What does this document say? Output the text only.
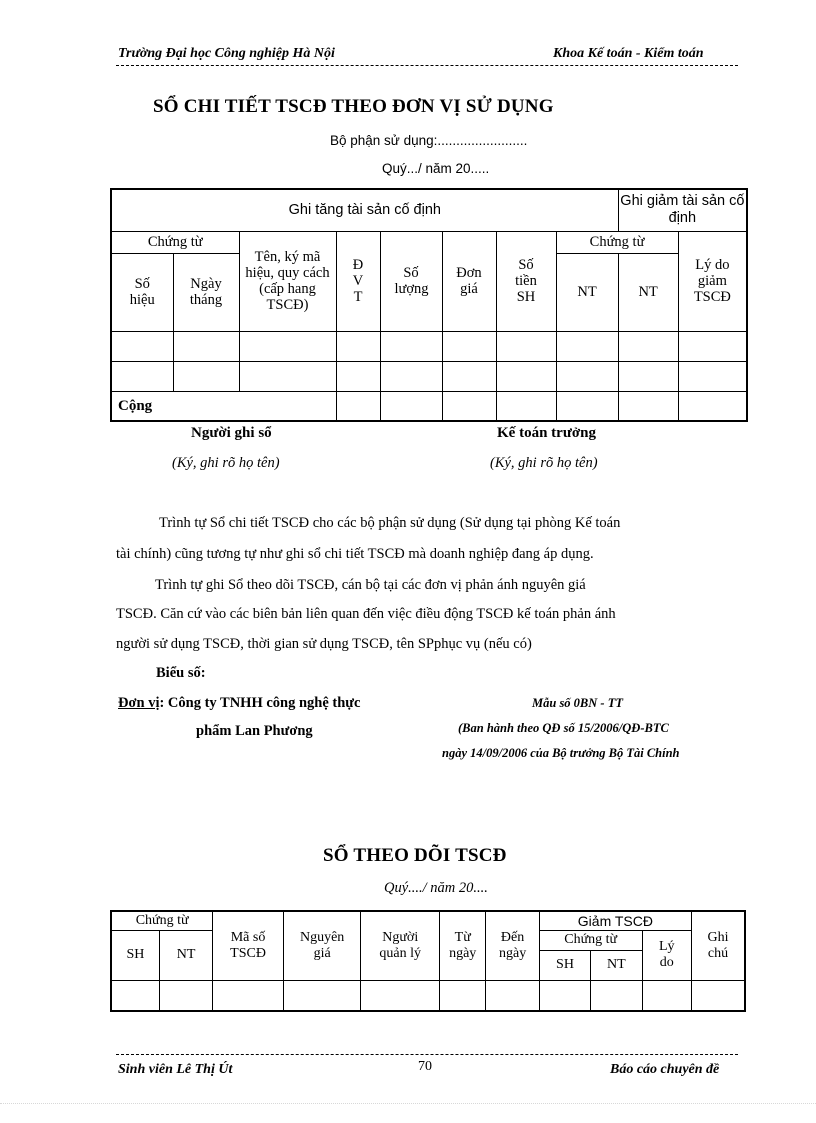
Trường Đại học Công nghiệp Hà Nội	Khoa Kế toán - Kiểm toán
SỔ CHI TIẾT TSCĐ THEO ĐƠN VỊ SỬ DỤNG
Bộ phận sử dụng:........................
Quý.../ năm 20.....
Ghi tăng tài sản cố định								Ghi giảm tài sản cố định	
Chứng từ		Tên, ký mã hiệu, quy cách (cấp hang TSCĐ)	Đ V T	Số lượng	Đơn giá	Số tiền SH	Chứng từ		Lý do giảm TSCĐ
Số hiệu	Ngày tháng						NT	NT	

Cộng									
Người ghi sổ
(Ký, ghi rõ họ tên)
Kế toán trưởng
(Ký, ghi rõ họ tên)
Trình tự Sổ chi tiết TSCĐ cho các bộ phận sử dụng (Sử dụng tại phòng Kế toán
tài chính) cũng tương tự như ghi sổ chi tiết TSCĐ mà doanh nghiệp đang áp dụng.
Trình tự ghi Sổ theo dõi TSCĐ, cán bộ tại các đơn vị phản ánh nguyên giá
TSCĐ. Căn cứ vào các biên bản liên quan đến việc điều động TSCĐ kế toán phản ánh
người sử dụng TSCĐ, thời gian sử dụng TSCĐ, tên SPphục vụ (nếu có)
Biểu số:
Đơn vị: Công ty TNHH công nghệ thực
phẩm Lan Phương
Mẫu số 0BN - TT
(Ban hành theo QĐ số 15/2006/QĐ-BTC
ngày 14/09/2006 của Bộ trưởng Bộ Tài Chính
SỔ THEO DÕI TSCĐ
Quý..../ năm 20....
Chứng từ		Mã số TSCĐ	Nguyên giá	Người quản lý	Từ ngày	Đến ngày	Giảm TSCĐ			Ghi chú
SH	NT						Chứng từ		Lý do	
							SH	NT		

Sinh viên Lê Thị Út	70	Báo cáo chuyên đề
